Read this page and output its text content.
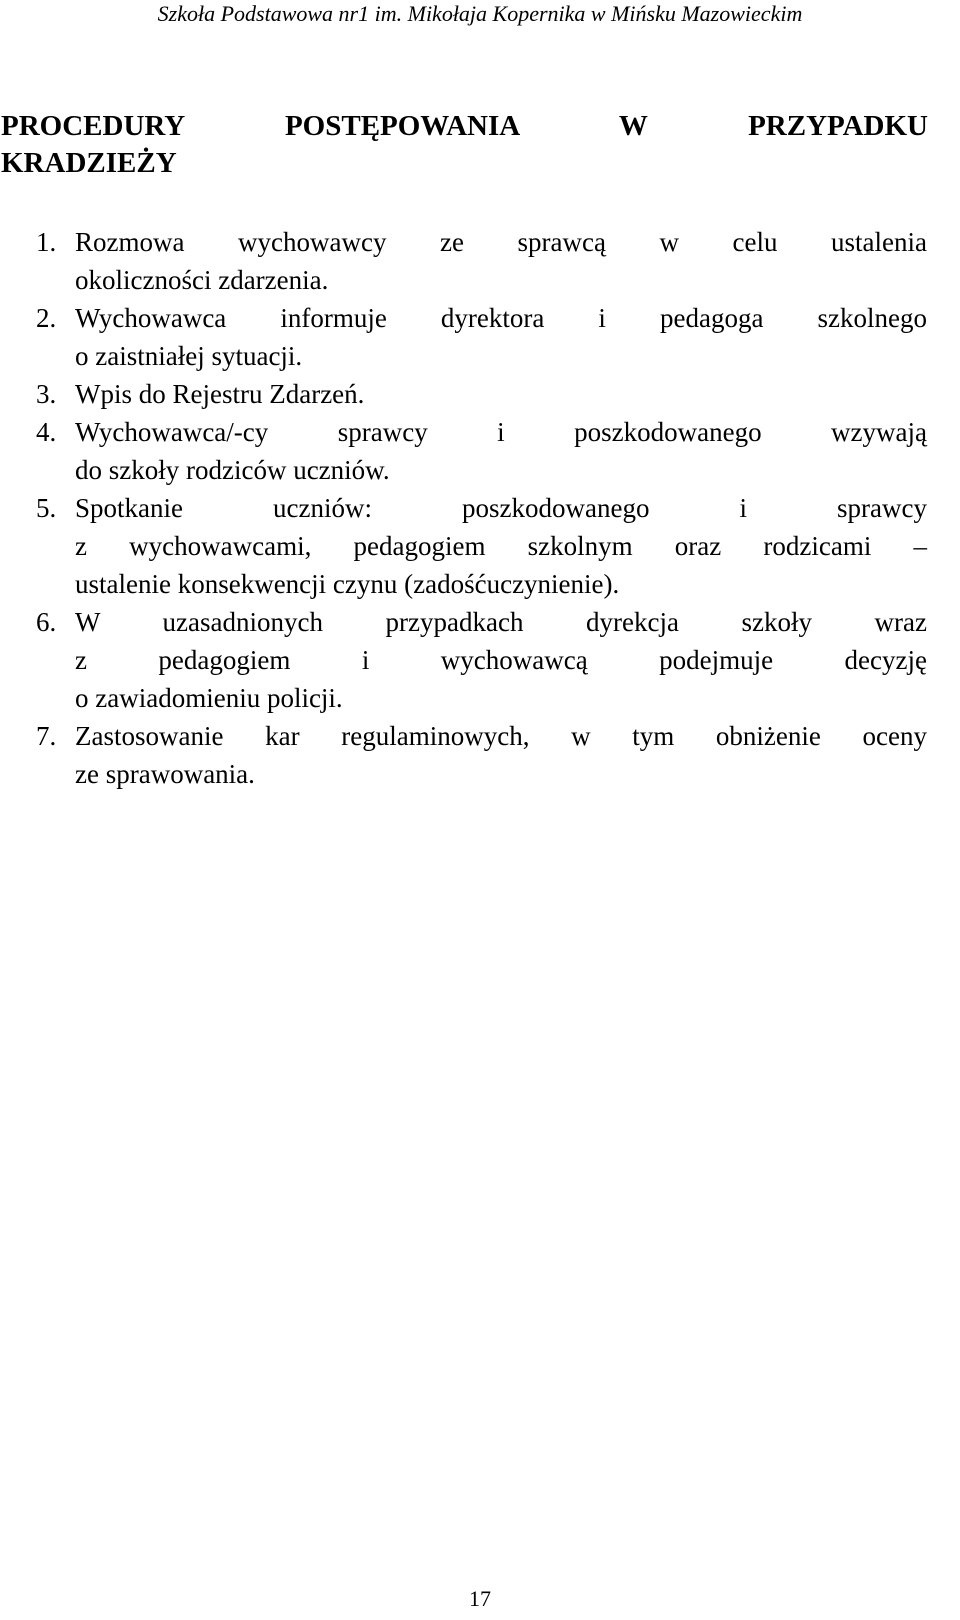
Szkoła Podstawowa nr1 im. Mikołaja Kopernika w Mińsku Mazowieckim
PROCEDURY POSTĘPOWANIA W PRZYPADKU
KRADZIEŻY
1. Rozmowa wychowawcy ze sprawcą w celu ustalenia
okoliczności zdarzenia.
2. Wychowawca informuje dyrektora i pedagoga szkolnego
o zaistniałej sytuacji.
3. Wpis do Rejestru Zdarzeń.
4. Wychowawca/-cy sprawcy i poszkodowanego wzywają
do szkoły rodziców uczniów.
5. Spotkanie uczniów: poszkodowanego i sprawcy
z wychowawcami, pedagogiem szkolnym oraz rodzicami –
ustalenie konsekwencji czynu (zadośćuczynienie).
6. W uzasadnionych przypadkach dyrekcja szkoły wraz
z pedagogiem i wychowawcą podejmuje decyzję
o zawiadomieniu policji.
7. Zastosowanie kar regulaminowych, w tym obniżenie oceny
ze sprawowania.
17
